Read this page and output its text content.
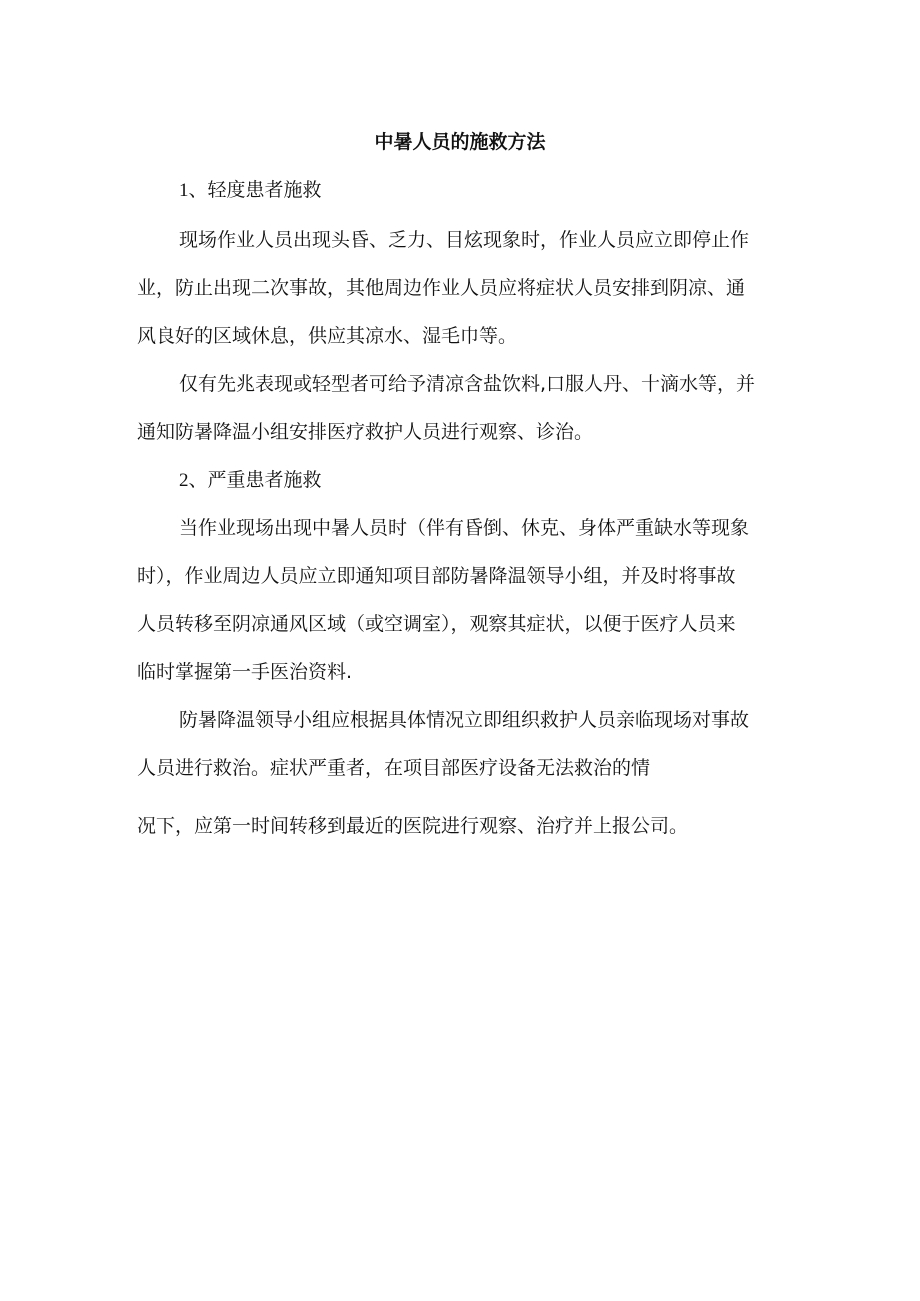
中暑人员的施救方法

1、轻度患者施救

现场作业人员出现头昏、乏力、目炫现象时，作业人员应立即停止作

业，防止出现二次事故，其他周边作业人员应将症状人员安排到阴凉、通

风良好的区域休息，供应其凉水、湿毛巾等。

仅有先兆表现或轻型者可给予清凉含盐饮料,口服人丹、十滴水等，并

通知防暑降温小组安排医疗救护人员进行观察、诊治。

2、严重患者施救

当作业现场出现中暑人员时（伴有昏倒、休克、身体严重缺水等现象

时），作业周边人员应立即通知项目部防暑降温领导小组，并及时将事故

人员转移至阴凉通风区域（或空调室），观察其症状，以便于医疗人员来

临时掌握第一手医治资料.

防暑降温领导小组应根据具体情况立即组织救护人员亲临现场对事故

人员进行救治。症状严重者，在项目部医疗设备无法救治的情

况下，应第一时间转移到最近的医院进行观察、治疗并上报公司。
